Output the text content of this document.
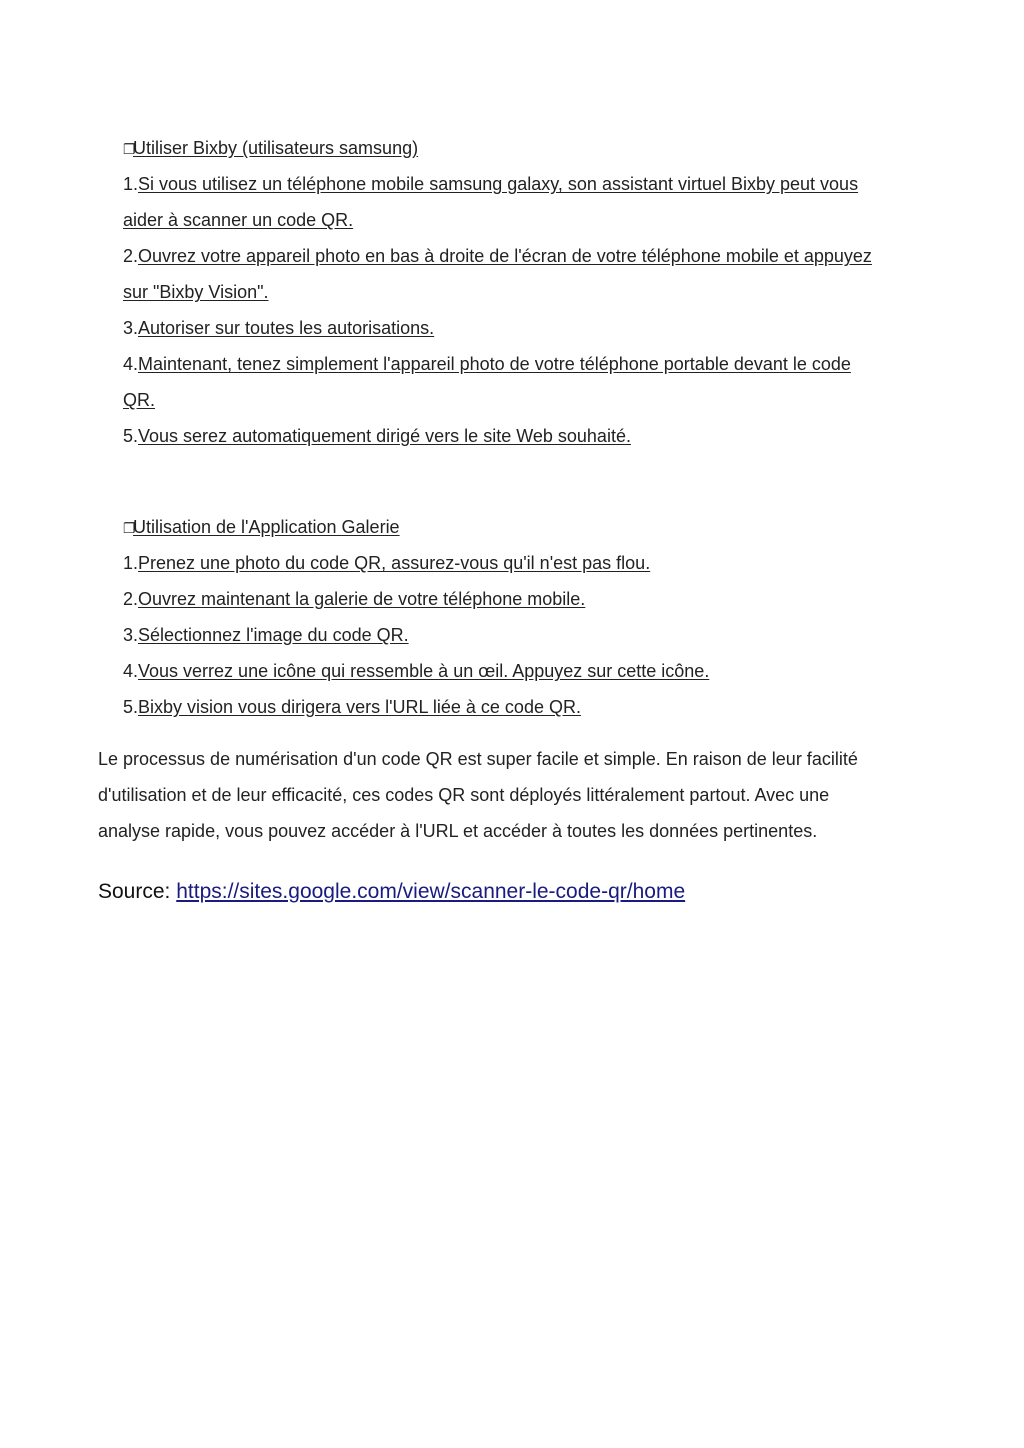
❐Utiliser Bixby (utilisateurs samsung)
1.Si vous utilisez un téléphone mobile samsung galaxy, son assistant virtuel Bixby peut vous
aider à scanner un code QR.
2.Ouvrez votre appareil photo en bas à droite de l'écran de votre téléphone mobile et appuyez
sur "Bixby Vision".
3.Autoriser sur toutes les autorisations.
4.Maintenant, tenez simplement l'appareil photo de votre téléphone portable devant le code
QR.
5.Vous serez automatiquement dirigé vers le site Web souhaité.
❐Utilisation de l'Application Galerie
1.Prenez une photo du code QR, assurez-vous qu'il n'est pas flou.
2.Ouvrez maintenant la galerie de votre téléphone mobile.
3.Sélectionnez l'image du code QR.
4.Vous verrez une icône qui ressemble à un œil. Appuyez sur cette icône.
5.Bixby vision vous dirigera vers l'URL liée à ce code QR.
Le processus de numérisation d'un code QR est super facile et simple. En raison de leur facilité
d'utilisation et de leur efficacité, ces codes QR sont déployés littéralement partout. Avec une
analyse rapide, vous pouvez accéder à l'URL et accéder à toutes les données pertinentes.
Source: https://sites.google.com/view/scanner-le-code-qr/home
